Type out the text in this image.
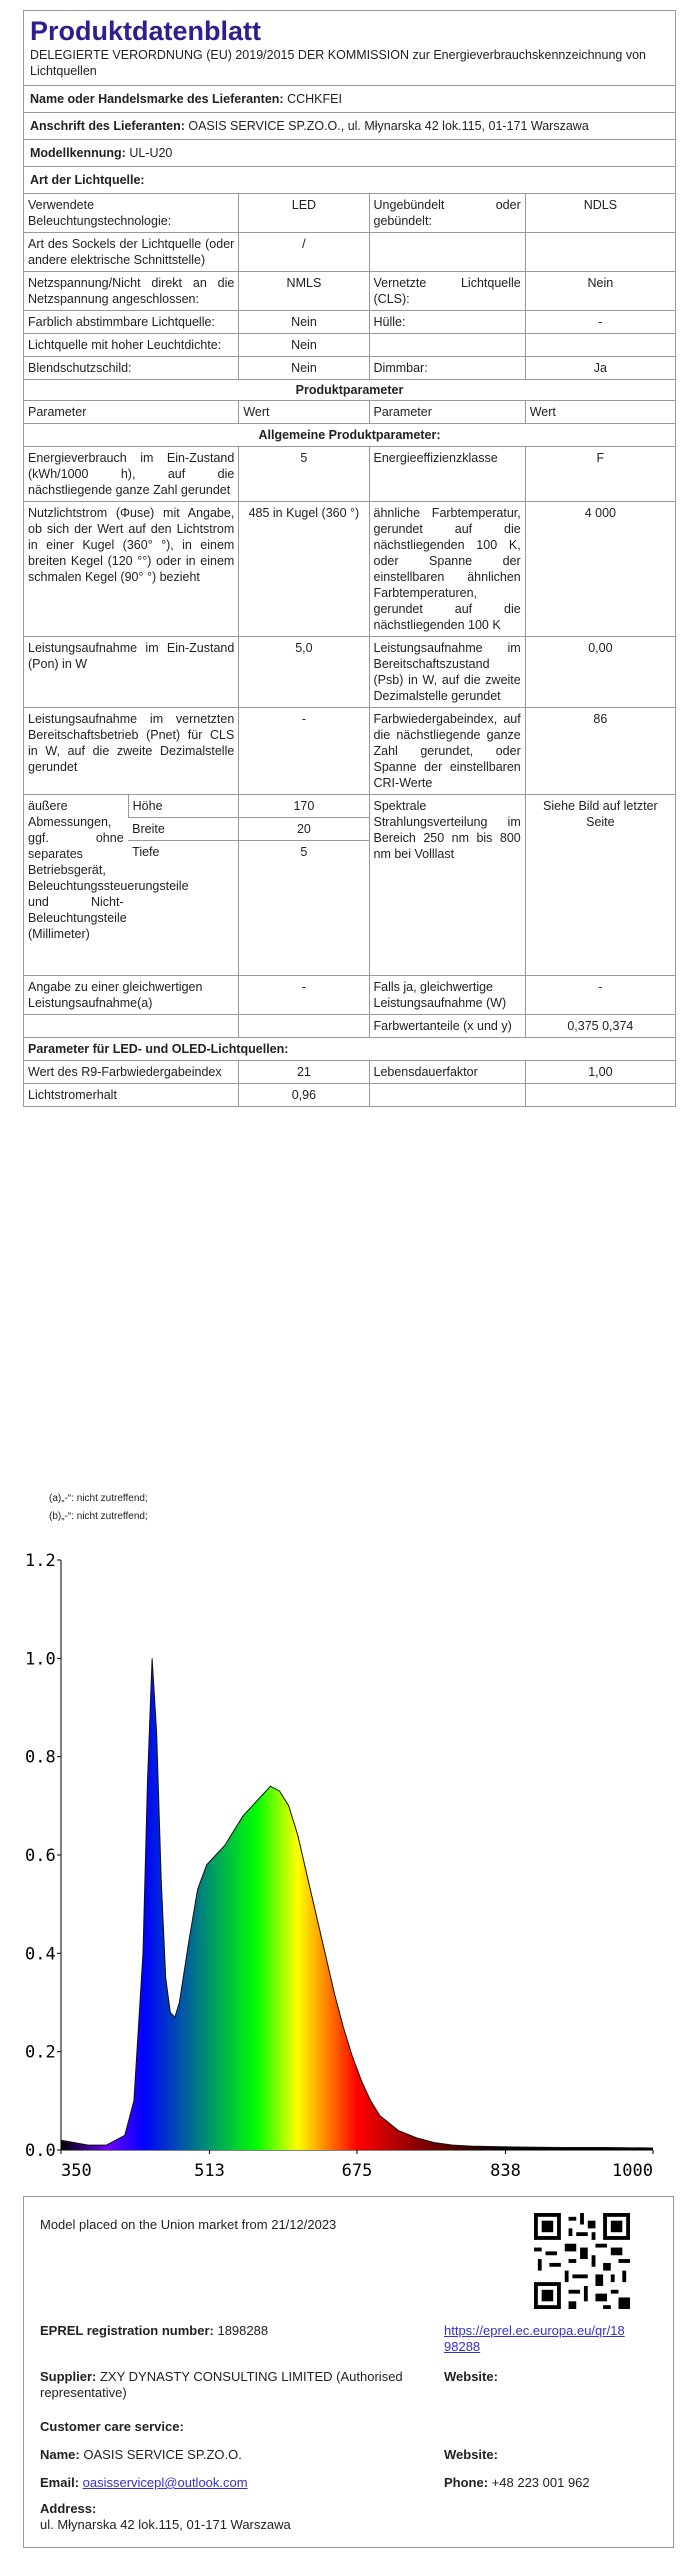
Produktdatenblatt
DELEGIERTE VERORDNUNG (EU) 2019/2015 DER KOMMISSION zur Energieverbrauchskennzeichnung von Lichtquellen
Name oder Handelsmarke des Lieferanten: CCHKFEI
Anschrift des Lieferanten: OASIS SERVICE SP.ZO.O., ul. Młynarska 42 lok.115, 01-171 Warszawa
Modellkennung: UL-U20
Art der Lichtquelle:
Verwendete Beleuchtungstechnologie:	LED	Ungebündelt oder gebündelt:	NDLS
Art des Sockels der Lichtquelle (oder andere elektrische Schnittstelle)	/		
Netzspannung/Nicht direkt an die Netzspannung angeschlossen:	NMLS	Vernetzte Lichtquelle (CLS):	Nein
Farblich abstimmbare Lichtquelle:	Nein	Hülle:	-
Lichtquelle mit hoher Leuchtdichte:	Nein		
Blendschutzschild:	Nein	Dimmbar:	Ja
Produktparameter
Parameter		Wert	Parameter	Wert
Allgemeine Produktparameter:				
Energieverbrauch im Ein-Zustand (kWh/1000 h), auf die nächstliegende ganze Zahl gerundet		5	Energieeffizienzklasse	F
Nutzlichtstrom (Φuse) mit Angabe, ob sich der Wert auf den Lichtstrom in einer Kugel (360° °), in einem breiten Kegel (120 °°) oder in einem schmalen Kegel (90° °) bezieht		485 in Kugel (360 °)	ähnliche Farbtemperatur, gerundet auf die nächstliegenden 100 K, oder Spanne der einstellbaren ähnlichen Farbtemperaturen, gerundet auf die nächstliegenden 100 K	4 000
Leistungsaufnahme im Ein-Zustand (Pon) in W		5,0	Leistungsaufnahme im Bereitschaftszustand (Psb) in W, auf die zweite Dezimalstelle gerundet	0,00
Leistungsaufnahme im vernetzten Bereitschaftsbetrieb (Pnet) für CLS in W, auf die zweite Dezimalstelle gerundet		-	Farbwiedergabeindex, auf die nächstliegende ganze Zahl gerundet, oder Spanne der einstellbaren CRI-Werte	86
äußere Abmessungen, ggf. ohne separates Betriebsgerät, Beleuchtungssteuerungsteile und Nicht-Beleuchtungsteile (Millimeter)	Höhe	170	Spektrale Strahlungsverteilung im Bereich 250 nm bis 800 nm bei Volllast	Siehe Bild auf letzter Seite
	Breite	20		
	Tiefe	5		
Angabe zu einer gleichwertigen Leistungsaufnahme(a)		-	Falls ja, gleichwertige Leistungsaufnahme (W)	-
			Farbwertanteile (x und y)	0,375 0,374
Parameter für LED- und OLED-Lichtquellen:				
Wert des R9-Farbwiedergabeindex		21	Lebensdauerfaktor	1,00
Lichtstromerhalt		0,96		
(a)„-“: nicht zutreffend;
(b)„-“: nicht zutreffend;
0.0
0.2
0.4
0.6
0.8
1.0
1.2
350	513	675	838	1000
Model placed on the Union market from 21/12/2023
EPREL registration number: 1898288	https://eprel.ec.europa.eu/qr/18
98288
Supplier: ZXY DYNASTY CONSULTING LIMITED (Authorised
representative)
Website:
Customer care service:
Name: OASIS SERVICE SP.ZO.O.	Website:
Email: oasisservicepl@outlook.com	Phone: +48 223 001 962
Address:
ul. Młynarska 42 lok.115, 01-171 Warszawa
